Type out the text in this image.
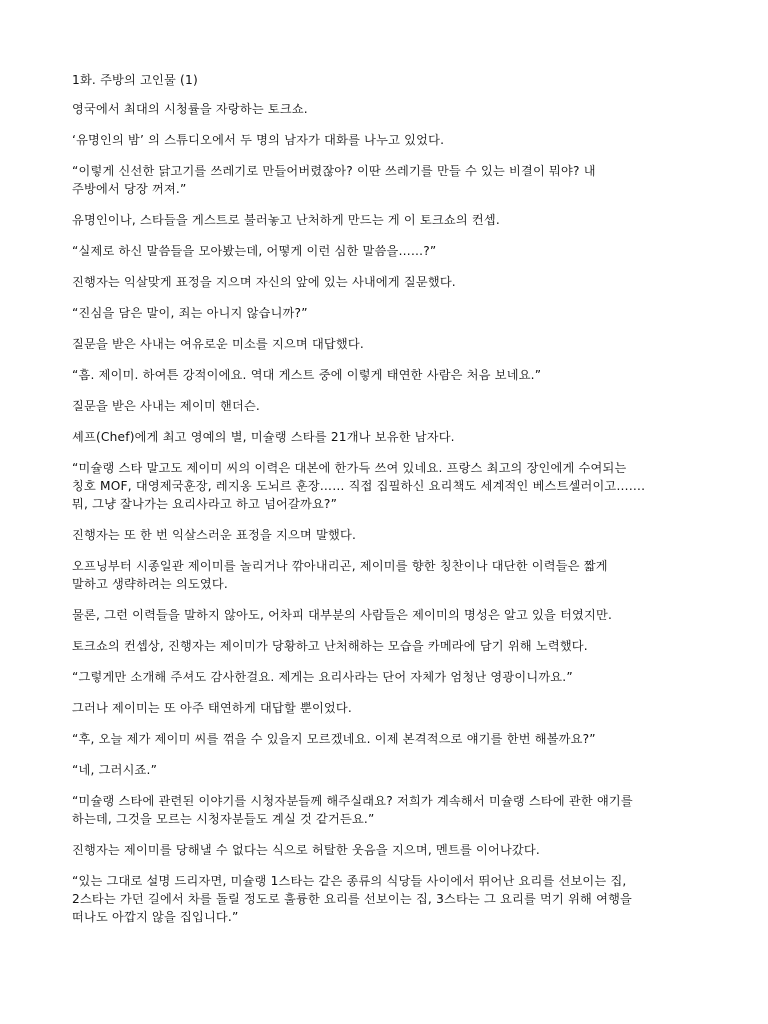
1화. 주방의 고인물 (1)

영국에서 최대의 시청률을 자랑하는 토크쇼.

‘유명인의 밤’ 의 스튜디오에서 두 명의 남자가 대화를 나누고 있었다.

“이렇게 신선한 닭고기를 쓰레기로 만들어버렸잖아? 이딴 쓰레기를 만들 수 있는 비결이 뭐야? 내
주방에서 당장 꺼져.”

유명인이나, 스타들을 게스트로 불러놓고 난처하게 만드는 게 이 토크쇼의 컨셉.

“실제로 하신 말씀들을 모아봤는데, 어떻게 이런 심한 말씀을……?”

진행자는 익살맞게 표정을 지으며 자신의 앞에 있는 사내에게 질문했다.

“진심을 담은 말이, 죄는 아니지 않습니까?”

질문을 받은 사내는 여유로운 미소를 지으며 대답했다.

“흠. 제이미. 하여튼 강적이에요. 역대 게스트 중에 이렇게 태연한 사람은 처음 보네요.”

질문을 받은 사내는 제이미 핸더슨.

셰프(Chef)에게 최고 영예의 별, 미슐랭 스타를 21개나 보유한 남자다.

“미슐랭 스타 말고도 제이미 씨의 이력은 대본에 한가득 쓰여 있네요. 프랑스 최고의 장인에게 수여되는
칭호 MOF, 대영제국훈장, 레지옹 도뇌르 훈장…… 직접 집필하신 요리책도 세계적인 베스트셀러이고…….
뭐, 그냥 잘나가는 요리사라고 하고 넘어갈까요?”

진행자는 또 한 번 익살스러운 표정을 지으며 말했다.

오프닝부터 시종일관 제이미를 놀리거나 깎아내리곤, 제이미를 향한 칭찬이나 대단한 이력들은 짧게
말하고 생략하려는 의도였다.

물론, 그런 이력들을 말하지 않아도, 어차피 대부분의 사람들은 제이미의 명성은 알고 있을 터였지만.

토크쇼의 컨셉상, 진행자는 제이미가 당황하고 난처해하는 모습을 카메라에 담기 위해 노력했다.

“그렇게만 소개해 주셔도 감사한걸요. 제게는 요리사라는 단어 자체가 엄청난 영광이니까요.”

그러나 제이미는 또 아주 태연하게 대답할 뿐이었다.

“후, 오늘 제가 제이미 씨를 꺾을 수 있을지 모르겠네요. 이제 본격적으로 얘기를 한번 해볼까요?”

“네, 그러시죠.”

“미슐랭 스타에 관련된 이야기를 시청자분들께 해주실래요? 저희가 계속해서 미슐랭 스타에 관한 얘기를
하는데, 그것을 모르는 시청자분들도 계실 것 같거든요.”

진행자는 제이미를 당해낼 수 없다는 식으로 허탈한 웃음을 지으며, 멘트를 이어나갔다.

“있는 그대로 설명 드리자면, 미슐랭 1스타는 같은 종류의 식당들 사이에서 뛰어난 요리를 선보이는 집,
2스타는 가던 길에서 차를 돌릴 정도로 훌륭한 요리를 선보이는 집, 3스타는 그 요리를 먹기 위해 여행을
떠나도 아깝지 않을 집입니다.”
